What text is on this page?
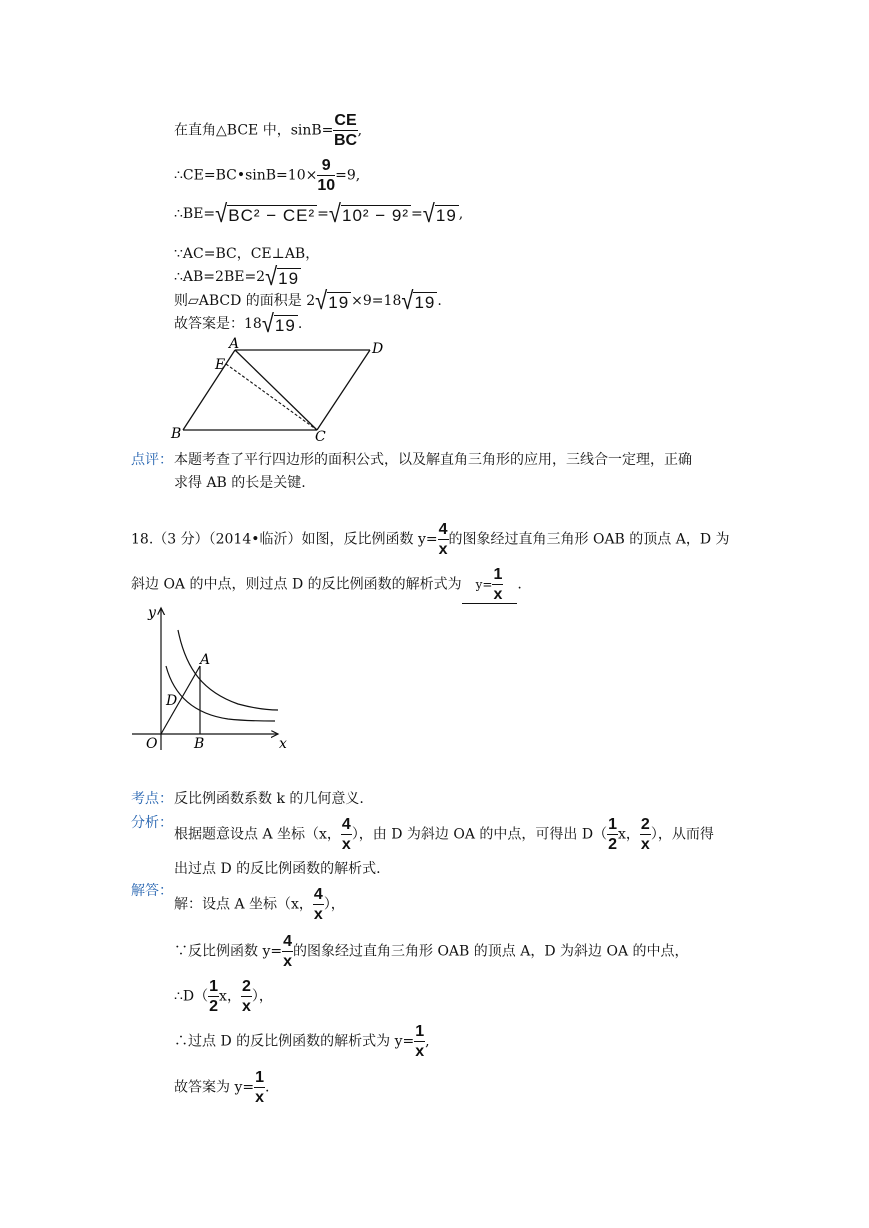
在直角△BCE 中，$\sin B= \frac{CE}{BC}$ ,
∴CE=BC•sinB=10× $\frac{9}{10} =9$,
∴BE=√BC² − CE² =√10² − 9² =√19 ,
∵AC=BC，CE⊥AB，
∴AB=2BE=2√19
则▱ABCD 的面积是 2√19 ×9=18√19 .
故答案是：18√19 .
A
E
D
B	C
点评： 本题考查了平行四边形的面积公式，以及解直角三角形的应用，三线合一定理，正确
求得 AB 的长是关键.
18.（3 分）（2014•临沂）如图，反比例函数 $y= \frac{4}{x}$ 的图象经过直角三角形 OAB 的顶点 A，D 为
斜边 OA 的中点，则过点 D 的反比例函数的解析式为 $y= \frac{1}{x}$ .
y
x
O
A
B
D
考点： 反比例函数系数 k 的几何意义.
分析：
根据题意设点 A 坐标（x， $\frac{4}{x}$ ），由 D 为斜边 OA 的中点，可得出 $D( \frac{1}{2}$ x， $\frac{2}{x}$ ），从而得
出过点 D 的反比例函数的解析式.
解答：
解：设点 A 坐标（x， $\frac{4}{x}$ ），
∵反比例函数 $y= \frac{4}{x}$ 的图象经过直角三角形 OAB 的顶点 A，D 为斜边 OA 的中点，
∴D（ $\frac{1}{2}$ x， $\frac{2}{x}$ ），
∴过点 D 的反比例函数的解析式为 $y= \frac{1}{x}$ ,
故答案为 $y= \frac{1}{x}$ .
